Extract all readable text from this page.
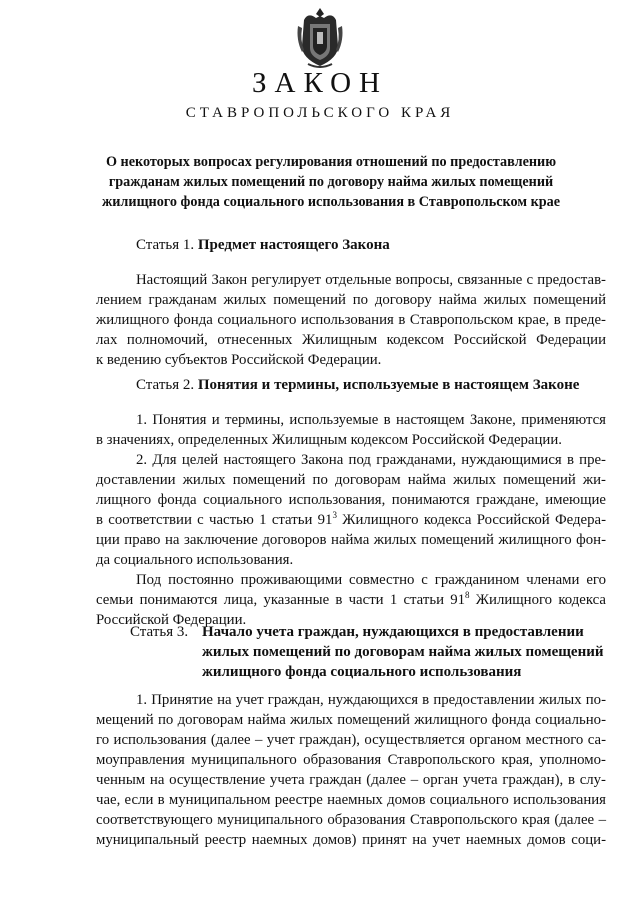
ЗАКОН
СТАВРОПОЛЬСКОГО КРАЯ
О некоторых вопросах регулирования отношений по предоставлению
гражданам жилых помещений по договору найма жилых помещений
жилищного фонда социального использования в Ставропольском крае
Статья 1. Предмет настоящего Закона
Настоящий Закон регулирует отдельные вопросы, связанные с предостав-
лением гражданам жилых помещений по договору найма жилых помещений
жилищного фонда социального использования в Ставропольском крае, в преде-
лах полномочий, отнесенных Жилищным кодексом Российской Федерации
к ведению субъектов Российской Федерации.
Статья 2. Понятия и термины, используемые в настоящем Законе
1. Понятия и термины, используемые в настоящем Законе, применяются
в значениях, определенных Жилищным кодексом Российской Федерации.
2. Для целей настоящего Закона под гражданами, нуждающимися в пре-
доставлении жилых помещений по договорам найма жилых помещений жи-
лищного фонда социального использования, понимаются граждане, имеющие
в соответствии с частью 1 статьи $91^3$ Жилищного кодекса Российской Федера-
ции право на заключение договоров найма жилых помещений жилищного фон-
да социального использования.
Под постоянно проживающими совместно с гражданином членами его
семьи понимаются лица, указанные в части 1 статьи $91^8$ Жилищного кодекса
Российской Федерации.
Статья 3. Начало учета граждан, нуждающихся в предоставлении жилых помещений по договорам найма жилых помещений жилищного фонда социального использования
1. Принятие на учет граждан, нуждающихся в предоставлении жилых по-
мещений по договорам найма жилых помещений жилищного фонда социально-
го использования (далее – учет граждан), осуществляется органом местного са-
моуправления муниципального образования Ставропольского края, уполномо-
ченным на осуществление учета граждан (далее – орган учета граждан), в слу-
чае, если в муниципальном реестре наемных домов социального использования
соответствующего муниципального образования Ставропольского края (далее –
муниципальный реестр наемных домов) принят на учет наемных домов соци-
